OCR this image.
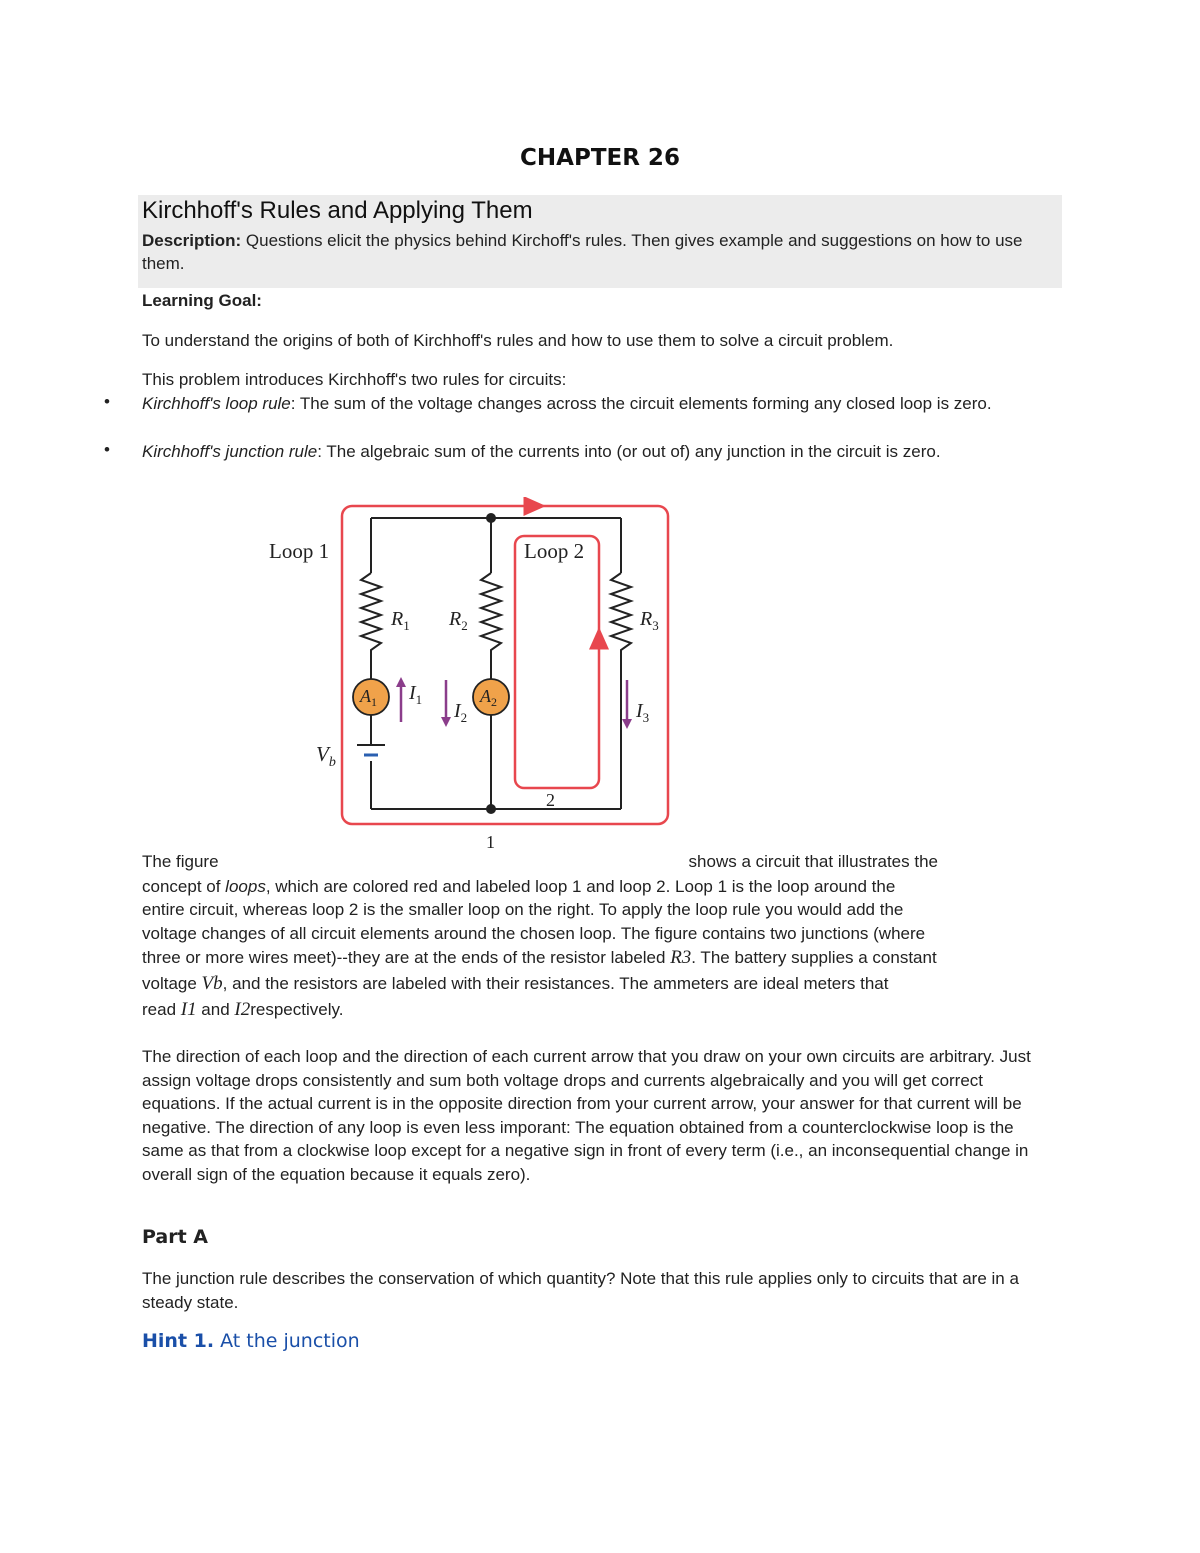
CHAPTER 26
Kirchhoff's Rules and Applying Them
Description: Questions elicit the physics behind Kirchoff's rules. Then gives example and suggestions on how to use them.
Learning Goal:
To understand the origins of both of Kirchhoff's rules and how to use them to solve a circuit problem.
This problem introduces Kirchhoff's two rules for circuits:
• Kirchhoff's loop rule: The sum of the voltage changes across the circuit elements forming any closed loop is zero.
• Kirchhoff's junction rule: The algebraic sum of the currents into (or out of) any junction in the circuit is zero.
Loop 1	Loop 2
$R_1$ $R_2$	$R_3$
$A_1$	$A_2$
$I_1$
$I_2$	$I_3$
$V_b$
2
1
The figure	shows a circuit that illustrates the
concept of loops, which are colored red and labeled loop 1 and loop 2. Loop 1 is the loop around the
entire circuit, whereas loop 2 is the smaller loop on the right. To apply the loop rule you would add the
voltage changes of all circuit elements around the chosen loop. The figure contains two junctions (where
three or more wires meet)--they are at the ends of the resistor labeled R3. The battery supplies a constant
voltage Vb, and the resistors are labeled with their resistances. The ammeters are ideal meters that
read I1 and I2respectively.
The direction of each loop and the direction of each current arrow that you draw on your own circuits are arbitrary. Just assign voltage drops consistently and sum both voltage drops and currents algebraically and you will get correct equations. If the actual current is in the opposite direction from your current arrow, your answer for that current will be negative. The direction of any loop is even less imporant: The equation obtained from a counterclockwise loop is the same as that from a clockwise loop except for a negative sign in front of every term (i.e., an inconsequential change in overall sign of the equation because it equals zero).
Part A
The junction rule describes the conservation of which quantity? Note that this rule applies only to circuits that are in a steady state.
Hint 1. At the junction
